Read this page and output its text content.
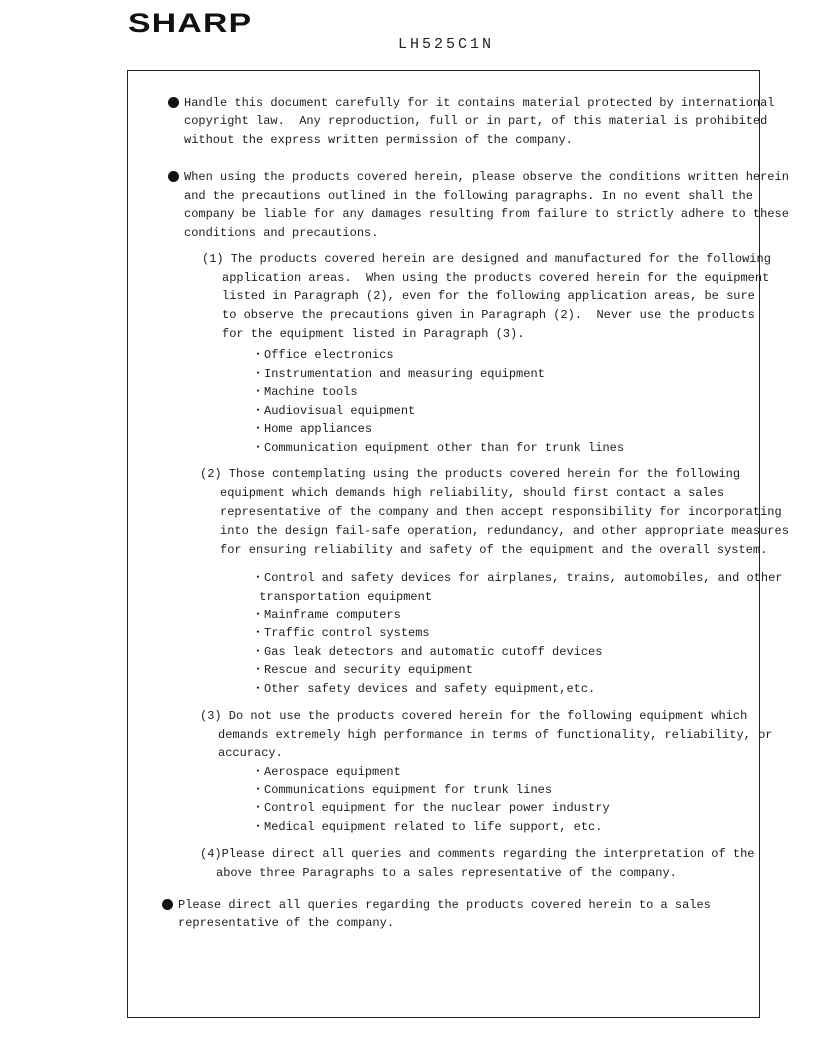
SHARP
LH525C1N
Handle this document carefully for it contains material protected by international
copyright law.  Any reproduction, full or in part, of this material is prohibited
without the express written permission of the company.
When using the products covered herein, please observe the conditions written herein
and the precautions outlined in the following paragraphs. In no event shall the
company be liable for any damages resulting from failure to strictly adhere to these
conditions and precautions.
(1) The products covered herein are designed and manufactured for the following
application areas.  When using the products covered herein for the equipment
listed in Paragraph (2), even for the following application areas, be sure
to observe the precautions given in Paragraph (2).  Never use the products
for the equipment listed in Paragraph (3).
・Office electronics
・Instrumentation and measuring equipment
・Machine tools
・Audiovisual equipment
・Home appliances
・Communication equipment other than for trunk lines
(2) Those contemplating using the products covered herein for the following
equipment which demands high reliability, should first contact a sales
representative of the company and then accept responsibility for incorporating
into the design fail-safe operation, redundancy, and other appropriate measures
for ensuring reliability and safety of the equipment and the overall system.
・Control and safety devices for airplanes, trains, automobiles, and other
transportation equipment
・Mainframe computers
・Traffic control systems
・Gas leak detectors and automatic cutoff devices
・Rescue and security equipment
・Other safety devices and safety equipment,etc.
(3) Do not use the products covered herein for the following equipment which
demands extremely high performance in terms of functionality, reliability, or
accuracy.
・Aerospace equipment
・Communications equipment for trunk lines
・Control equipment for the nuclear power industry
・Medical equipment related to life support, etc.
(4)Please direct all queries and comments regarding the interpretation of the
above three Paragraphs to a sales representative of the company.
Please direct all queries regarding the products covered herein to a sales
representative of the company.
